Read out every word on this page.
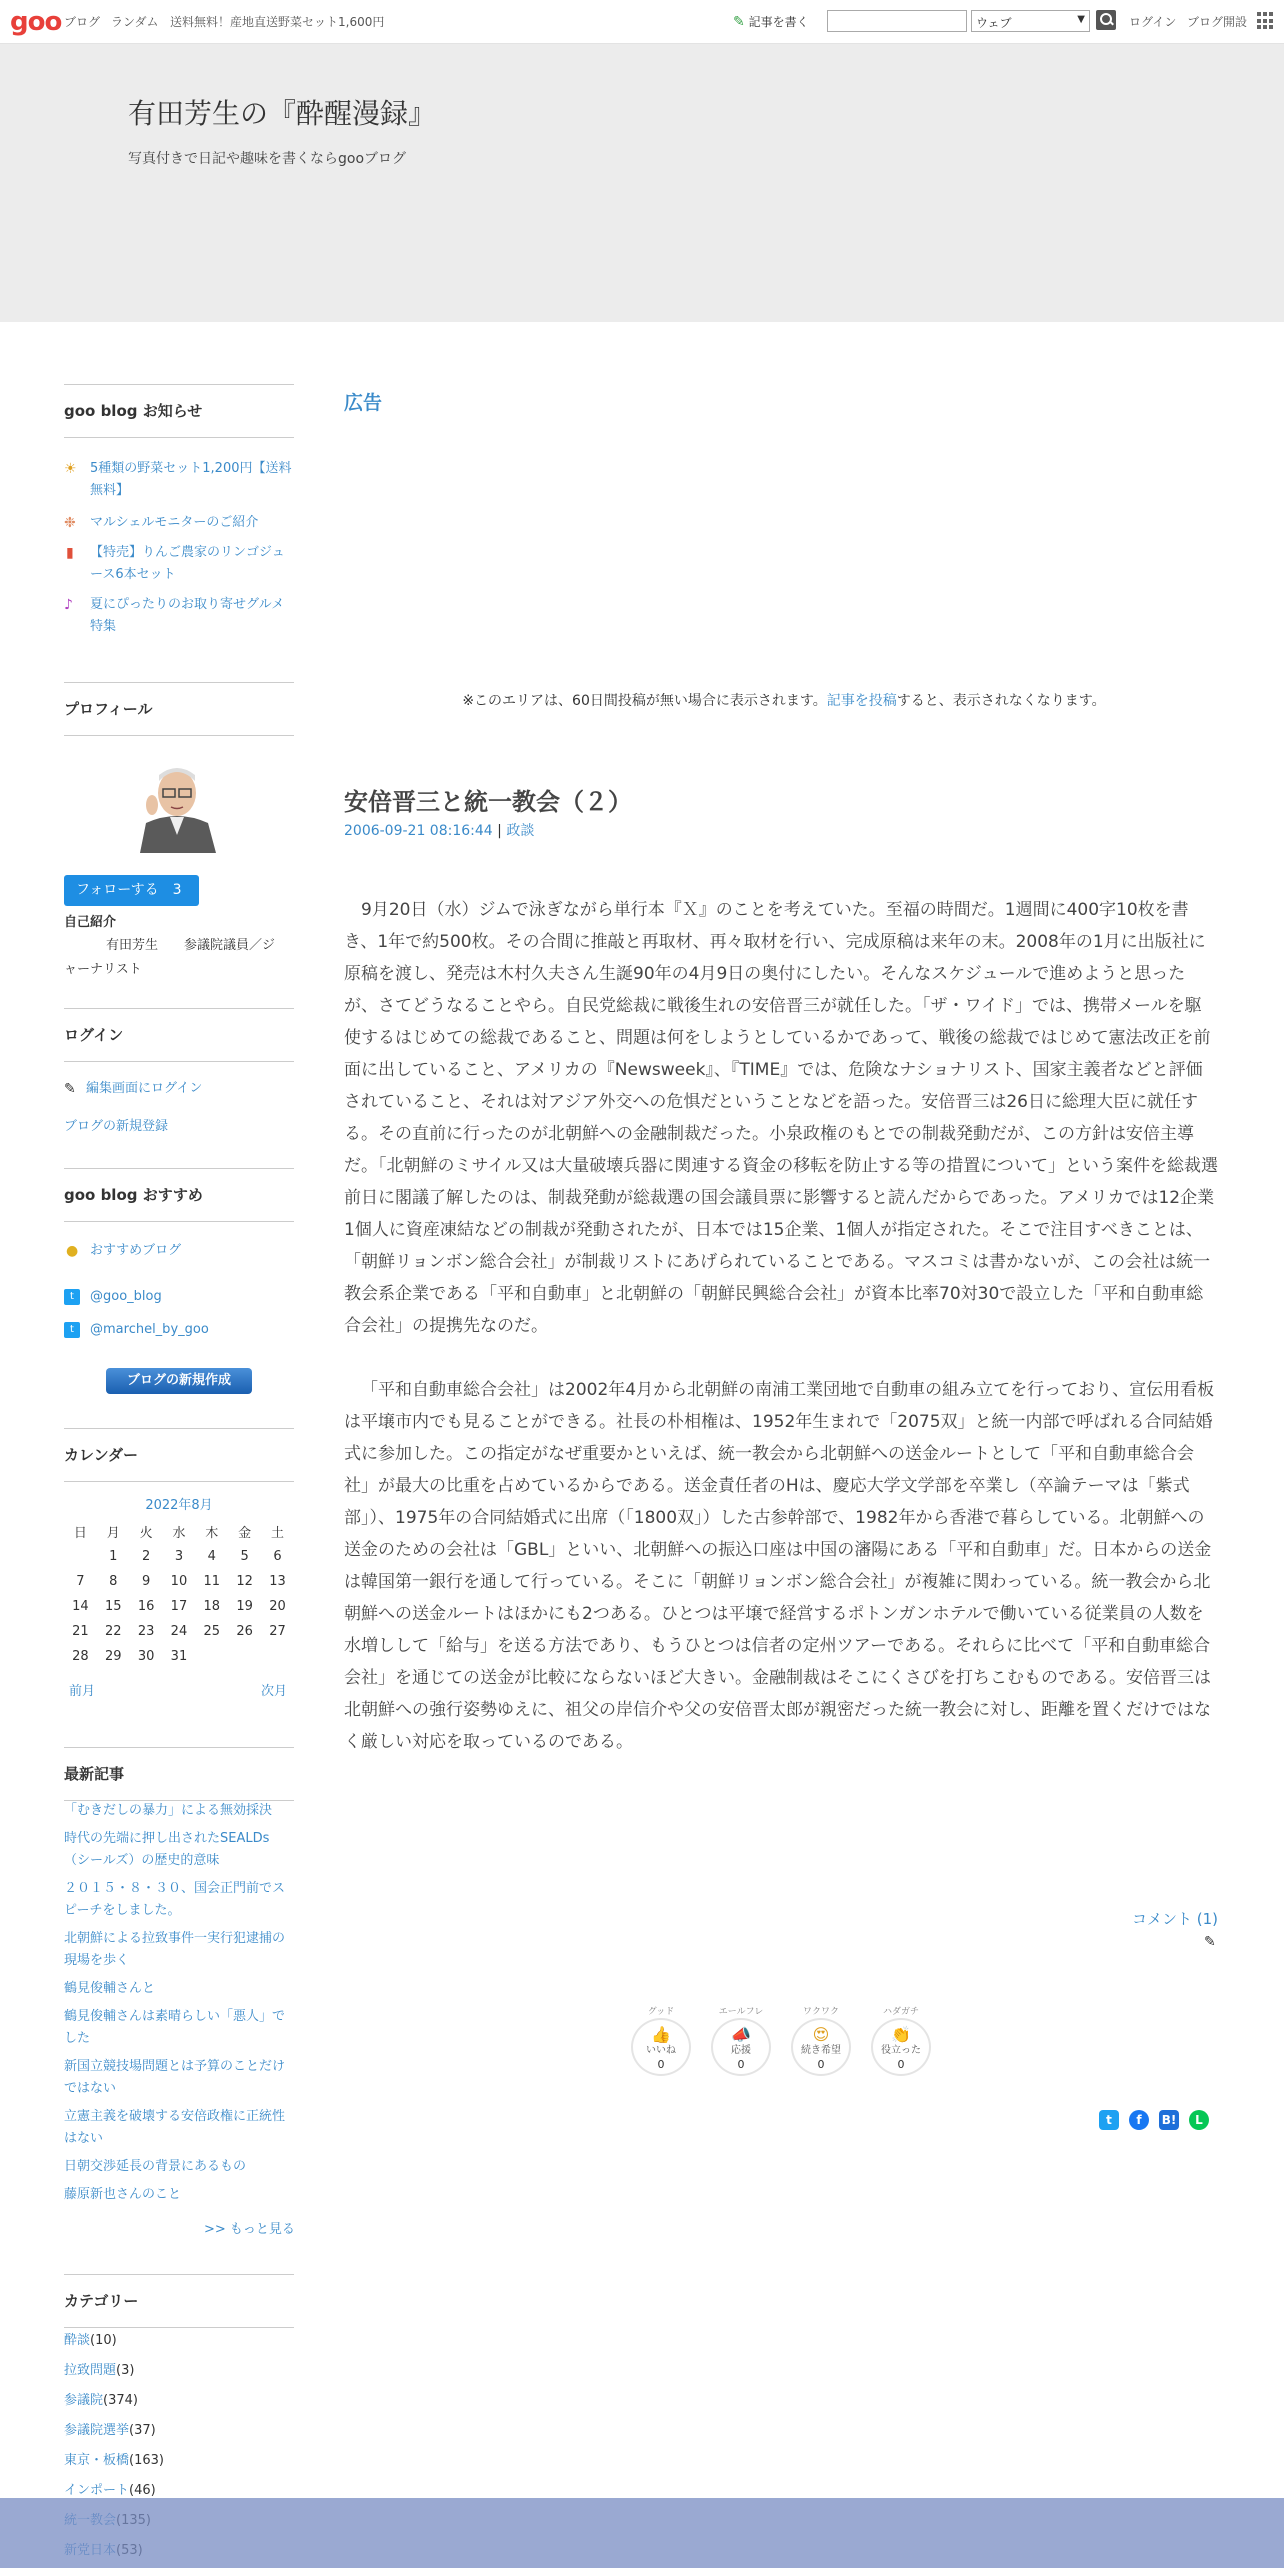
goo ブログ ランダム 送料無料！産地直送野菜セット1,600円	✎ 記事を書く	ウェブ	▼	ログイン ブログ開設
有田芳生の『酔醒漫録』
写真付きで日記や趣味を書くならgooブログ
goo blog お知らせ
☀ 5種類の野菜セット1,200円【送料無料】
❉ マルシェルモニターのご紹介
▮ 【特売】りんご農家のリンゴジュース6本セット
♪ 夏にぴったりのお取り寄せグルメ特集
プロフィール
フォローする　 3
自己紹介
有田芳生　　参議院議員／ジャーナリスト
ログイン
✎ 編集画面にログイン
ブログの新規登録
goo blog おすすめ
● おすすめブログ
t	@goo_blog
t	@marchel_by_goo
ブログの新規作成
カレンダー
2022年8月
日	月	火	水	木	金	土
	1	2	3	4	5	6
7	8	9	10	11	12	13
14	15	16	17	18	19	20
21	22	23	24	25	26	27
28	29	30	31			
前月	次月
最新記事
「むきだしの暴力」による無効採決
時代の先端に押し出されたSEALDs（シールズ）の歴史的意味
２０１５・８・３０、国会正門前でスピーチをしました。
北朝鮮による拉致事件一実行犯逮捕の現場を歩く
鶴見俊輔さんと
鶴見俊輔さんは素晴らしい「悪人」でした
新国立競技場問題とは予算のことだけではない
立憲主義を破壊する安倍政権に正統性はない
日朝交渉延長の背景にあるもの
藤原新也さんのこと
>> もっと見る
カテゴリー
酔談(10)
拉致問題(3)
参議院(374)
参議院選挙(37)
東京・板橋(163)
インポート(46)
広告
※このエリアは、60日間投稿が無い場合に表示されます。記事を投稿すると、表示されなくなります。
安倍晋三と統一教会（２）
2006-09-21 08:16:44 | 政談

9月20日（水）ジムで泳ぎながら単行本『Ｘ』のことを考えていた。至福の時間だ。1週間に400字10枚を書き、1年で約500枚。その合間に推敲と再取材、再々取材を行い、完成原稿は来年の末。2008年の1月に出版社に原稿を渡し、発売は木村久夫さん生誕90年の4月9日の奥付にしたい。そんなスケジュールで進めようと思ったが、さてどうなることやら。自民党総裁に戦後生れの安倍晋三が就任した。「ザ・ワイド」では、携帯メールを駆使するはじめての総裁であること、問題は何をしようとしているかであって、戦後の総裁ではじめて憲法改正を前面に出していること、アメリカの『Newsweek』、『TIME』では、危険なナショナリスト、国家主義者などと評価されていること、それは対アジア外交への危惧だということなどを語った。安倍晋三は26日に総理大臣に就任する。その直前に行ったのが北朝鮮への金融制裁だった。小泉政権のもとでの制裁発動だが、この方針は安倍主導だ。「北朝鮮のミサイル又は大量破壊兵器に関連する資金の移転を防止する等の措置について」という案件を総裁選前日に閣議了解したのは、制裁発動が総裁選の国会議員票に影響すると読んだからであった。アメリカでは12企業1個人に資産凍結などの制裁が発動されたが、日本では15企業、1個人が指定された。そこで注目すべきことは、「朝鮮リョンボン総合会社」が制裁リストにあげられていることである。マスコミは書かないが、この会社は統一教会系企業である「平和自動車」と北朝鮮の「朝鮮民興総合会社」が資本比率70対30で設立した「平和自動車総合会社」の提携先なのだ。

「平和自動車総合会社」は2002年4月から北朝鮮の南浦工業団地で自動車の組み立てを行っており、宣伝用看板は平壌市内でも見ることができる。社長の朴相権は、1952年生まれで「2075双」と統一内部で呼ばれる合同結婚式に参加した。この指定がなぜ重要かといえば、統一教会から北朝鮮への送金ルートとして「平和自動車総合会社」が最大の比重を占めているからである。送金責任者のHは、慶応大学文学部を卒業し（卒論テーマは「紫式部」）、1975年の合同結婚式に出席（「1800双」）した古参幹部で、1982年から香港で暮らしている。北朝鮮への送金のための会社は「GBL」といい、北朝鮮への振込口座は中国の瀋陽にある「平和自動車」だ。日本からの送金は韓国第一銀行を通して行っている。そこに「朝鮮リョンボン総合会社」が複雑に関わっている。統一教会から北朝鮮への送金ルートはほかにも2つある。ひとつは平壌で経営するポトンガンホテルで働いている従業員の人数を水増しして「給与」を送る方法であり、もうひとつは信者の定州ツアーである。それらに比べて「平和自動車総合会社」を通じての送金が比較にならないほど大きい。金融制裁はそこにくさびを打ちこむものである。安倍晋三は北朝鮮への強行姿勢ゆえに、祖父の岸信介や父の安倍晋太郎が親密だった統一教会に対し、距離を置くだけではなく厳しい対応を取っているのである。

コメント (1)
✎
グッド
👍
いいね
0
エールフレ
📣
応援
0
ワクワク
😍
続き希望
0
ハダガチ
👏
役立った
0
t	f	B!	L
